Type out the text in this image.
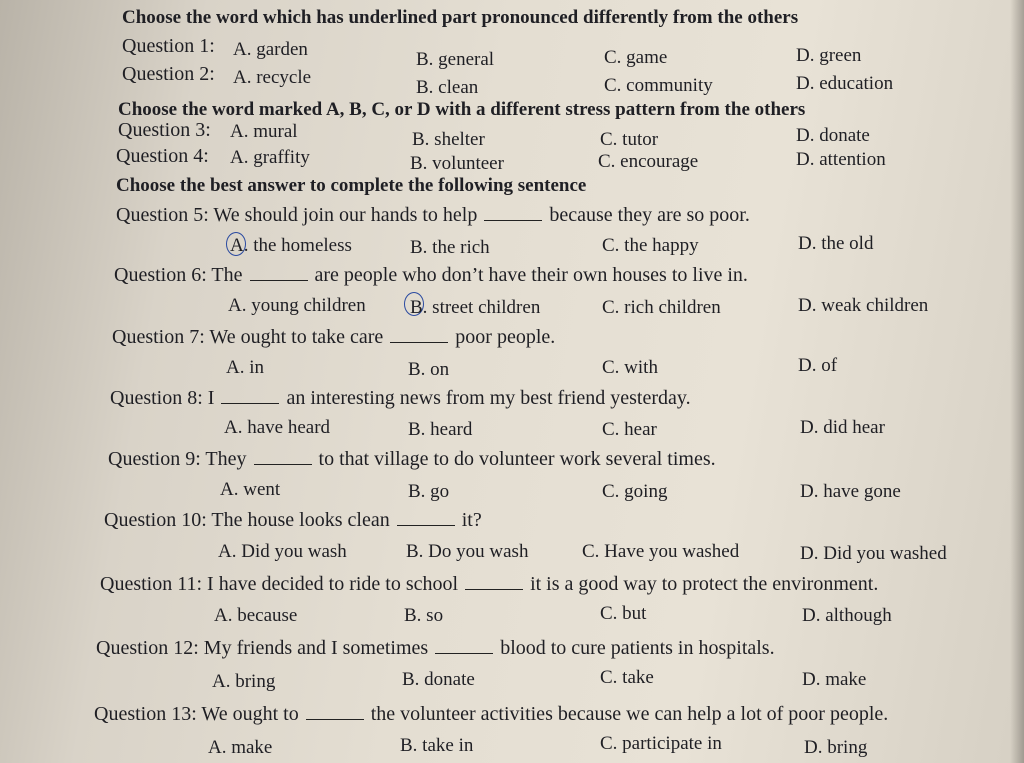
Choose the word which has underlined part pronounced differently from the others
Question 1: A. garden	B. general	C. game	D. green
Question 2: A. recycle	B. clean	C. community	D. education
Choose the word marked A, B, C, or D with a different stress pattern from the others
Question 3: A. mural	B. shelter	C. tutor	D. donate
Question 4: A. graffity	B. volunteer	C. encourage	D. attention
Choose the best answer to complete the following sentence
Question 5: We should join our hands to help	because they are so poor.
A. the homeless	B. the rich	C. the happy	D. the old
Question 6: The	are people who don’t have their own houses to live in.
A. young children B. street children	C. rich children	D. weak children
Question 7: We ought to take care	poor people.
A. in	B. on	C. with	D. of
Question 8: I	an interesting news from my best friend yesterday.
A. have heard	B. heard	C. hear	D. did hear
Question 9: They	to that village to do volunteer work several times.
A. went	B. go	C. going	D. have gone
Question 10: The house looks clean	it?
A. Did you wash	B. Do you wash	C. Have you washed	D. Did you washed
Question 11: I have decided to ride to school	it is a good way to protect the environment.
A. because	B. so	C. but	D. although
Question 12: My friends and I sometimes	blood to cure patients in hospitals.
A. bring	B. donate	C. take	D. make
Question 13: We ought to	the volunteer activities because we can help a lot of poor people.
A. make	B. take in	C. participate in	D. bring
